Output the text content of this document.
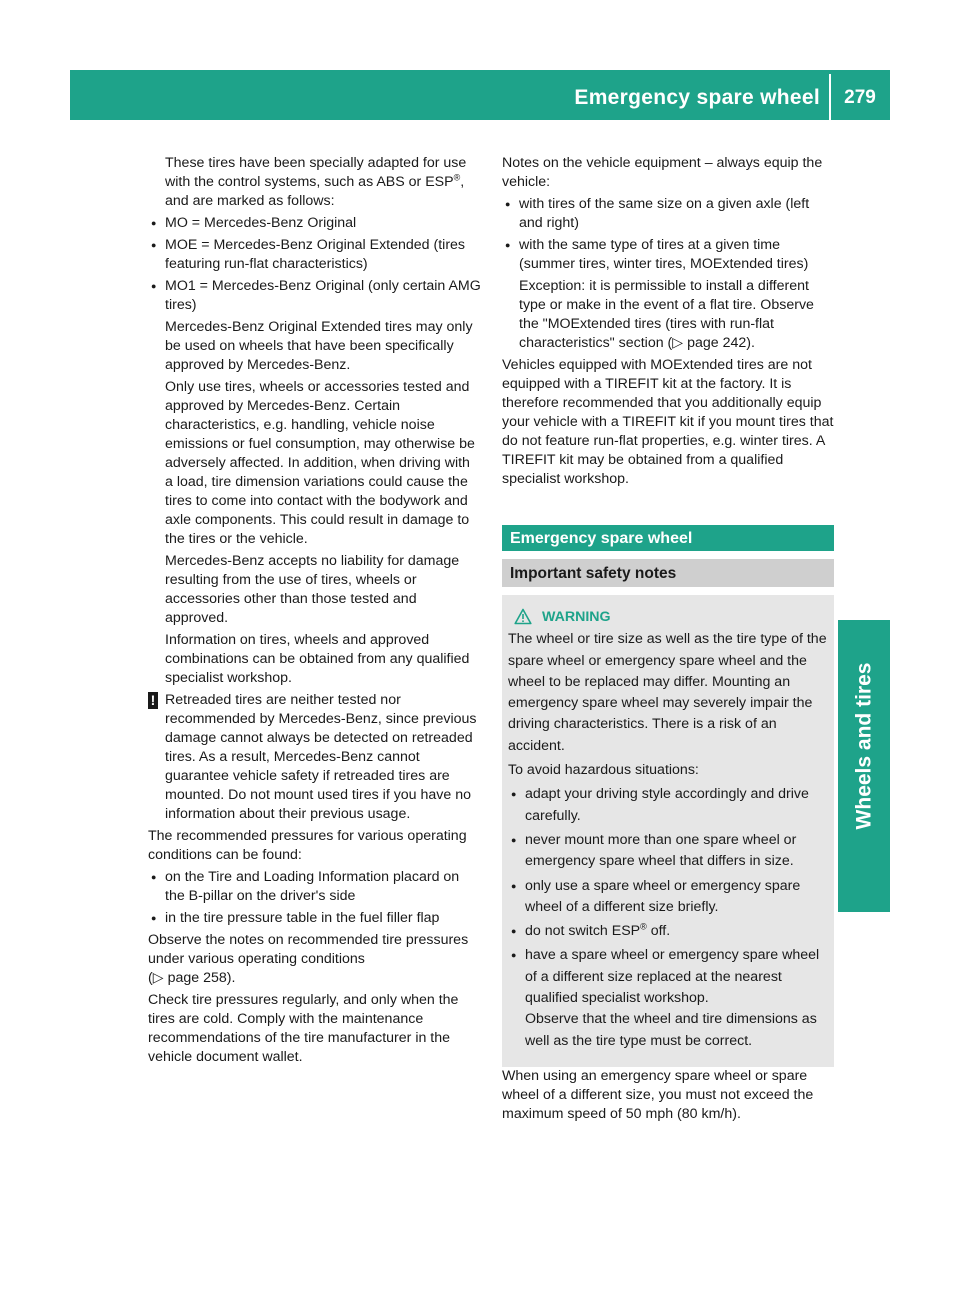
Emergency spare wheel	279
Wheels and tires

These tires have been specially adapted for use with the control systems, such as ABS or ESP®, and are marked as follows:

● MO = Mercedes-Benz Original
● MOE = Mercedes-Benz Original Extended (tires featuring run-flat characteristics)
● MO1 = Mercedes-Benz Original (only certain AMG tires)

Mercedes-Benz Original Extended tires may only be used on wheels that have been specifically approved by Mercedes-Benz.

Only use tires, wheels or accessories tested and approved by Mercedes-Benz. Certain characteristics, e.g. handling, vehicle noise emissions or fuel consumption, may otherwise be adversely affected. In addition, when driving with a load, tire dimension variations could cause the tires to come into contact with the bodywork and axle components. This could result in damage to the tires or the vehicle.

Mercedes-Benz accepts no liability for damage resulting from the use of tires, wheels or accessories other than those tested and approved.

Information on tires, wheels and approved combinations can be obtained from any qualified specialist workshop.

! Retreaded tires are neither tested nor recommended by Mercedes-Benz, since previous damage cannot always be detected on retreaded tires. As a result, Mercedes-Benz cannot guarantee vehicle safety if retreaded tires are mounted. Do not mount used tires if you have no information about their previous usage.

The recommended pressures for various operating conditions can be found:

● on the Tire and Loading Information placard on the B-pillar on the driver's side
● in the tire pressure table in the fuel filler flap

Observe the notes on recommended tire pressures under various operating conditions
(▷ page 258).

Check tire pressures regularly, and only when the tires are cold. Comply with the maintenance recommendations of the tire manufacturer in the vehicle document wallet.

Notes on the vehicle equipment – always equip the vehicle:

● with tires of the same size on a given axle (left and right)
● with the same type of tires at a given time (summer tires, winter tires, MOExtended tires)

Exception: it is permissible to install a different type or make in the event of a flat tire. Observe the "MOExtended tires (tires with run-flat characteristics" section (▷ page 242).

Vehicles equipped with MOExtended tires are not equipped with a TIREFIT kit at the factory. It is therefore recommended that you additionally equip your vehicle with a TIREFIT kit if you mount tires that do not feature run-flat properties, e.g. winter tires. A TIREFIT kit may be obtained from a qualified specialist workshop.

Emergency spare wheel
Important safety notes
WARNING

The wheel or tire size as well as the tire type of the spare wheel or emergency spare wheel and the wheel to be replaced may differ. Mounting an emergency spare wheel may severely impair the driving characteristics. There is a risk of an accident.

To avoid hazardous situations:

● adapt your driving style accordingly and drive carefully.
● never mount more than one spare wheel or emergency spare wheel that differs in size.
● only use a spare wheel or emergency spare wheel of a different size briefly.
● do not switch ESP® off.
● have a spare wheel or emergency spare wheel of a different size replaced at the nearest qualified specialist workshop.
Observe that the wheel and tire dimensions as well as the tire type must be correct.

When using an emergency spare wheel or spare wheel of a different size, you must not exceed the maximum speed of 50 mph (80 km/h).
